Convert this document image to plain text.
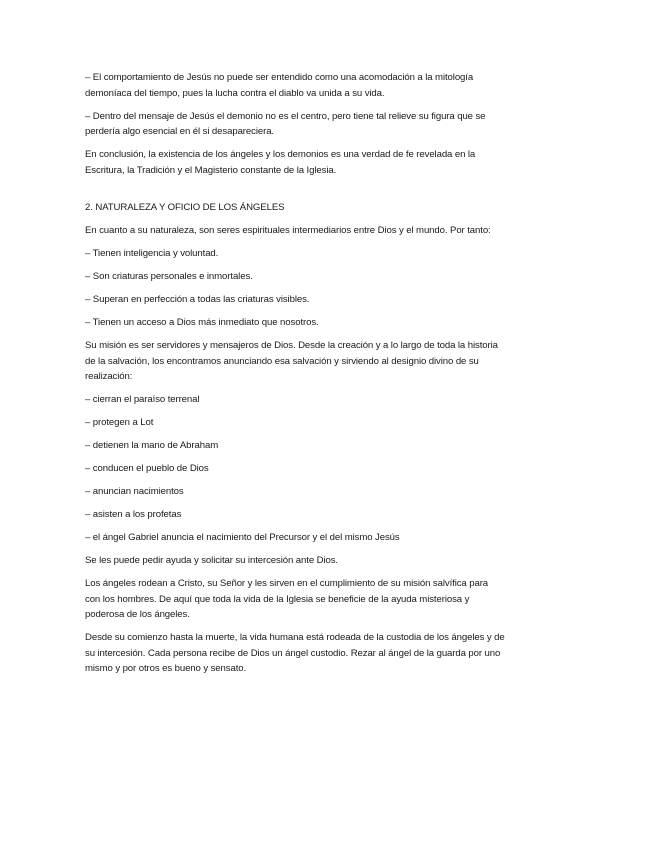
– El comportamiento de Jesús no puede ser entendido como una acomodación a la mitología demoníaca del tiempo, pues la lucha contra el diablo va unida a su vida.

– Dentro del mensaje de Jesús el demonio no es el centro, pero tiene tal relieve su figura que se perdería algo esencial en él si desapareciera.

En conclusión, la existencia de los ángeles y los demonios es una verdad de fe revelada en la Escritura, la Tradición y el Magisterio constante de la Iglesia.

2. NATURALEZA Y OFICIO DE LOS ÁNGELES

En cuanto a su naturaleza, son seres espirituales intermediarios entre Dios y el mundo. Por tanto:

– Tienen inteligencia y voluntad.

– Son criaturas personales e inmortales.

– Superan en perfección a todas las criaturas visibles.

– Tienen un acceso a Dios más inmediato que nosotros.

Su misión es ser servidores y mensajeros de Dios. Desde la creación y a lo largo de toda la historia de la salvación, los encontramos anunciando esa salvación y sirviendo al designio divino de su realización:

– cierran el paraíso terrenal

– protegen a Lot

– detienen la mano de Abraham

– conducen el pueblo de Dios

– anuncian nacimientos

– asisten a los profetas

– el ángel Gabriel anuncia el nacimiento del Precursor y el del mismo Jesús

Se les puede pedir ayuda y solicitar su intercesión ante Dios.

Los ángeles rodean a Cristo, su Señor y les sirven en el cumplimiento de su misión salvífica para con los hombres. De aquí que toda la vida de la Iglesia se beneficie de la ayuda misteriosa y poderosa de los ángeles.

Desde su comienzo hasta la muerte, la vida humana está rodeada de la custodia de los ángeles y de su intercesión. Cada persona recibe de Dios un ángel custodio. Rezar al ángel de la guarda por uno mismo y por otros es bueno y sensato.
